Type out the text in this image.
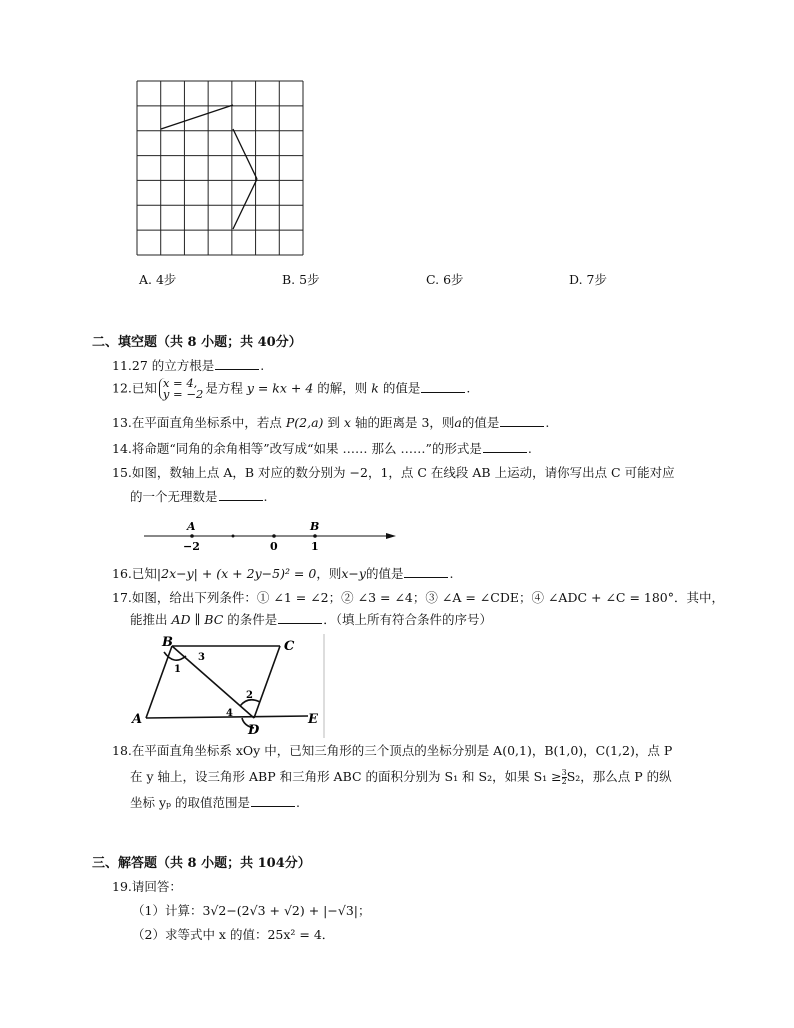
A. 4步	B. 5步	C. 6步	D. 7步
二、填空题（共 8 小题；共 40分）
11.27 的立方根是	.
12.已知 x = 4,
y = −2 是方程 y = kx + 4 的解，则 k 的值是	.
13.在平面直角坐标系中，若点 P(2,a) 到 x 轴的距离是 3，则a的值是	.
14.将命题“同角的余角相等”改写成“如果 …… 那么 ……”的形式是	.
15.如图，数轴上点 A，B 对应的数分别为 −2，1，点 C 在线段 AB 上运动，请你写出点 C 可能对应
的一个无理数是	.
A	B
−2	0	1
16.已知|2x−y| + (x + 2y−5)² = 0，则x−y的值是	.
17.如图，给出下列条件：① ∠1 = ∠2；② ∠3 = ∠4；③ ∠A = ∠CDE；④ ∠ADC + ∠C = 180°．其中，
能推出 AD ∥ BC 的条件是	．（填上所有符合条件的序号）
B	C
A
D
E
1
2
3
4
18.在平面直角坐标系 xOy 中，已知三角形的三个顶点的坐标分别是 A(0,1)，B(1,0)，C(1,2)，点 P
在 y 轴上，设三角形 ABP 和三角形 ABC 的面积分别为 S₁ 和 S₂，如果 $S_1 \ge \frac{3}{2} S_2$，那么点 P 的纵
坐标 yₚ 的取值范围是	.
三、解答题（共 8 小题；共 104分）
19.请回答：
（1）计算：3√2−(2√3 + √2) + |−√3|；
（2）求等式中 x 的值：25x² = 4．
